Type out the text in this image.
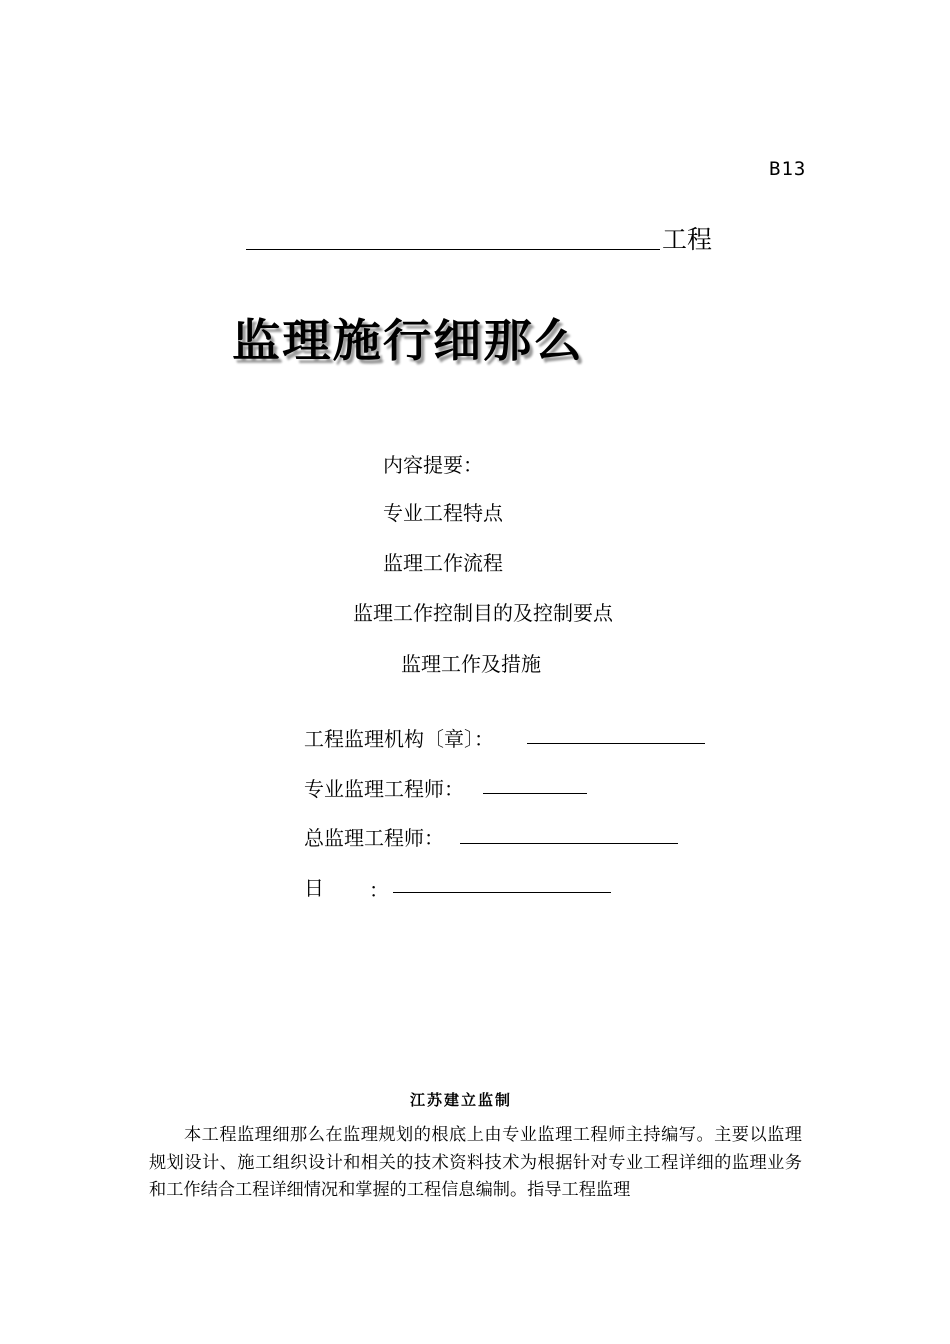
B13
工程
监理施行细那么
内容提要：
专业工程特点
监理工作流程
监理工作控制目的及控制要点
监理工作及措施
工程监理机构〔章〕：
专业监理工程师：
总监理工程师：
日 ：
江苏建立监制
本工程监理细那么在监理规划的根底上由专业监理工程师主持编写。主要以监理规划设计、施工组织设计和相关的技术资料技术为根据针对专业工程详细的监理业务和工作结合工程详细情况和掌握的工程信息编制。指导工程监理
